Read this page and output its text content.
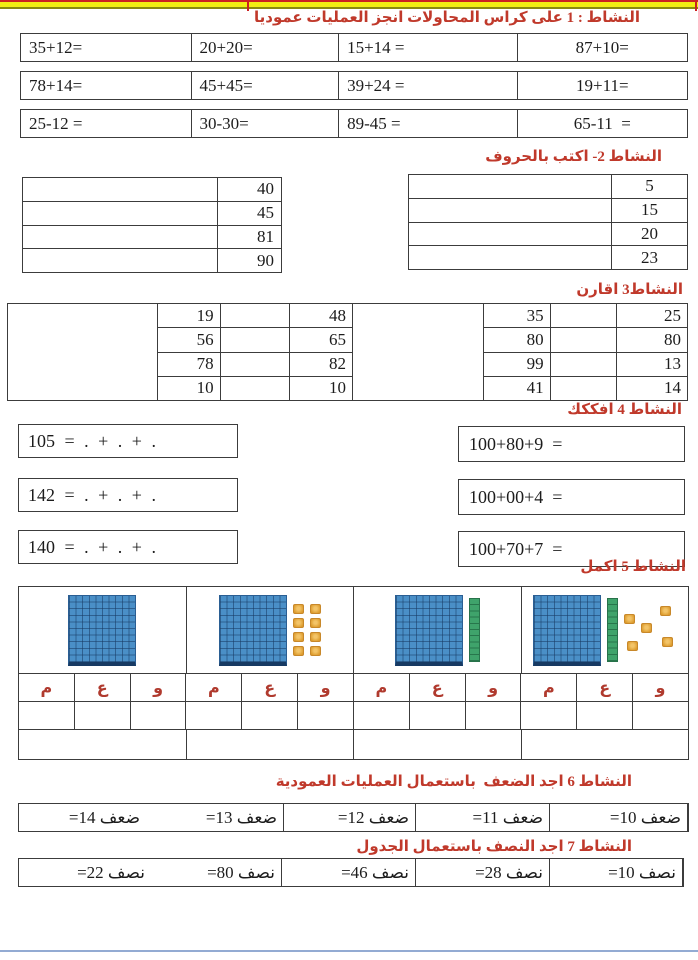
النشاط : 1 على كراس المحاولات انجز العمليات عموديا
35+12=	20+20=	15+14 =	87+10=
78+14=	45+45=	39+24 =	19+11=
25-12 =	30-30=	89-45 =	65-11  =
النشاط 2- اكتب بالحروف
40
45
81
90
5
15
20
23
النشاط3 اقارن
19	48
56	65
78	82
10	10
35	25
80	80
99	13
41	14
النشاط 4 افككك
105 = . + . + .
142 = . + . + .
140 = . + . + .
100+80+9  =
100+00+4  =
100+70+7  =
النشاط 5 اكمل
م	ع	و	م	ع	و	م	ع	و	م	ع	و
النشاط 6 اجد الضعف  باستعمال العمليات العمودية
ضعف 14=	ضعف 13=	ضعف 12=	ضعف 11=	ضعف 10=
النشاط 7 اجد النصف باستعمال الجدول
نصف 22=	نصف 80=	نصف 46=	نصف 28=	نصف 10=
